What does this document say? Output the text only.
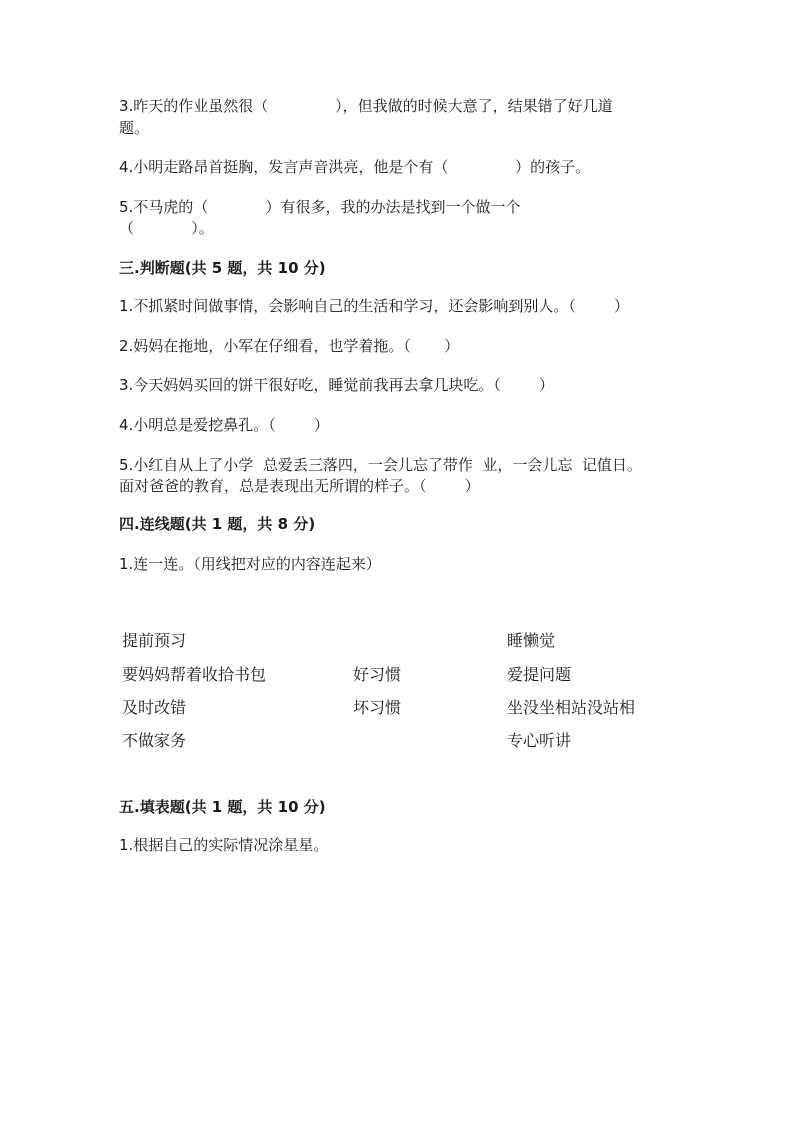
3.昨天的作业虽然很（              ），但我做的时候大意了，结果错了好几道
题。
4.小明走路昂首挺胸，发言声音洪亮，他是个有（              ）的孩子。
5.不马虎的（            ）有很多，我的办法是找到一个做一个
（            ）。
三.判断题(共 5 题，共 10 分)
1.不抓紧时间做事情，会影响自己的生活和学习，还会影响到别人。（        ）
2.妈妈在拖地，小军在仔细看，也学着拖。（       ）
3.今天妈妈买回的饼干很好吃，睡觉前我再去拿几块吃。（        ）
4.小明总是爱挖鼻孔。（        ）
5.小红自从上了小学  总爱丢三落四，一会儿忘了带作  业，一会儿忘  记值日。
面对爸爸的教育，总是表现出无所谓的样子。（        ）
四.连线题(共 1 题，共 8 分)
1.连一连。（用线把对应的内容连起来）
提前预习
要妈妈帮着收拾书包
及时改错
不做家务
好习惯
坏习惯
睡懒觉
爱提问题
坐没坐相站没站相
专心听讲
五.填表题(共 1 题，共 10 分)
1.根据自己的实际情况涂星星。
